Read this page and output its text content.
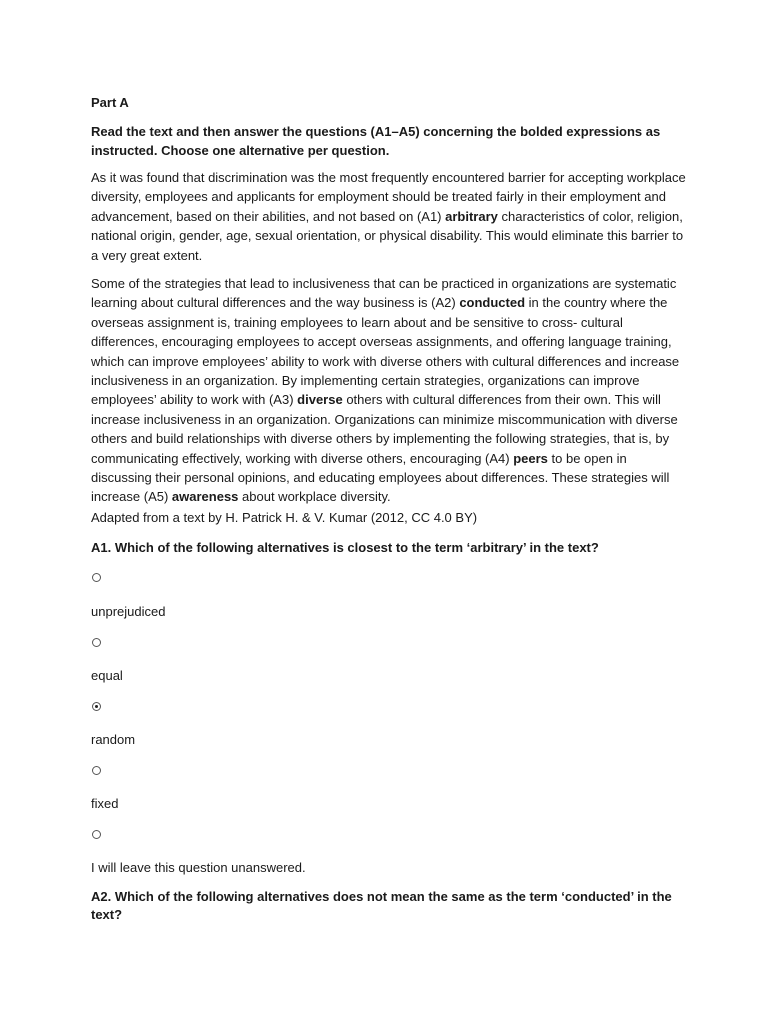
Part A

Read the text and then answer the questions (A1–A5) concerning the bolded expressions as instructed. Choose one alternative per question.

As it was found that discrimination was the most frequently encountered barrier for accepting workplace diversity, employees and applicants for employment should be treated fairly in their employment and advancement, based on their abilities, and not based on (A1) arbitrary characteristics of color, religion, national origin, gender, age, sexual orientation, or physical disability. This would eliminate this barrier to a very great extent.

Some of the strategies that lead to inclusiveness that can be practiced in organizations are systematic learning about cultural differences and the way business is (A2) conducted in the country where the overseas assignment is, training employees to learn about and be sensitive to cross- cultural differences, encouraging employees to accept overseas assignments, and offering language training, which can improve employees’ ability to work with diverse others with cultural differences and increase inclusiveness in an organization. By implementing certain strategies, organizations can improve employees’ ability to work with (A3) diverse others with cultural differences from their own. This will increase inclusiveness in an organization. Organizations can minimize miscommunication with diverse others and build relationships with diverse others by implementing the following strategies, that is, by communicating effectively, working with diverse others, encouraging (A4) peers to be open in discussing their personal opinions, and educating employees about differences. These strategies will increase (A5) awareness about workplace diversity.

Adapted from a text by H. Patrick H. & V. Kumar (2012, CC 4.0 BY)

A1. Which of the following alternatives is closest to the term ‘arbitrary’ in the text?

unprejudiced

equal

random

fixed

I will leave this question unanswered.

A2. Which of the following alternatives does not mean the same as the term ‘conducted’ in the text?
